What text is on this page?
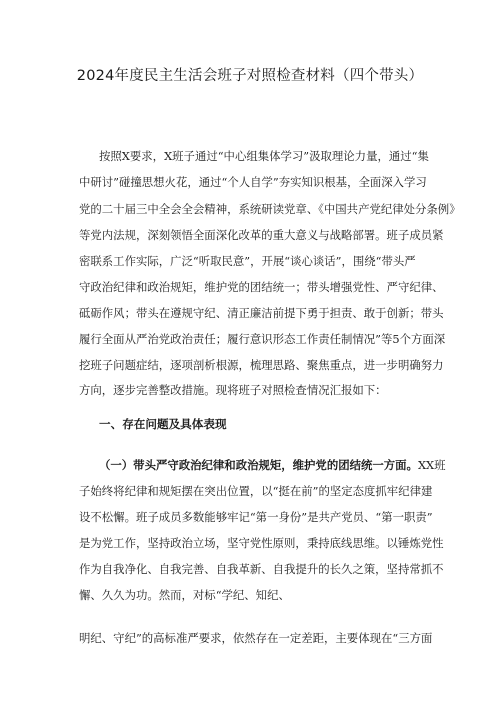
2024年度民主生活会班子对照检查材料（四个带头）
按照X要求，X班子通过“中心组集体学习”汲取理论力量，通过“集
中研讨”碰撞思想火花，通过“个人自学”夯实知识根基，全面深入学习
党的二十届三中全会全会精神，系统研读党章、《中国共产党纪律处分条例》
等党内法规，深刻领悟全面深化改革的重大意义与战略部署。班子成员紧
密联系工作实际，广泛“听取民意”，开展“谈心谈话”，围绕“带头严
守政治纪律和政治规矩，维护党的团结统一；带头增强党性、严守纪律、
砥砺作风；带头在遵规守纪、清正廉洁前提下勇于担责、敢于创新；带头
履行全面从严治党政治责任；履行意识形态工作责任制情况”等5个方面深
挖班子问题症结，逐项剖析根源，梳理思路、聚焦重点，进一步明确努力
方向，逐步完善整改措施。现将班子对照检查情况汇报如下：
一、存在问题及具体表现
（一）带头严守政治纪律和政治规矩，维护党的团结统一方面。XX班
子始终将纪律和规矩摆在突出位置，以“挺在前”的坚定态度抓牢纪律建
设不松懈。班子成员多数能够牢记“第一身份”是共产党员、“第一职责”
是为党工作，坚持政治立场，坚守党性原则，秉持底线思维。以锤炼党性
作为自我净化、自我完善、自我革新、自我提升的长久之策，坚持常抓不
懈、久久为功。然而，对标“学纪、知纪、
明纪、守纪”的高标准严要求，依然存在一定差距，主要体现在“三方面
